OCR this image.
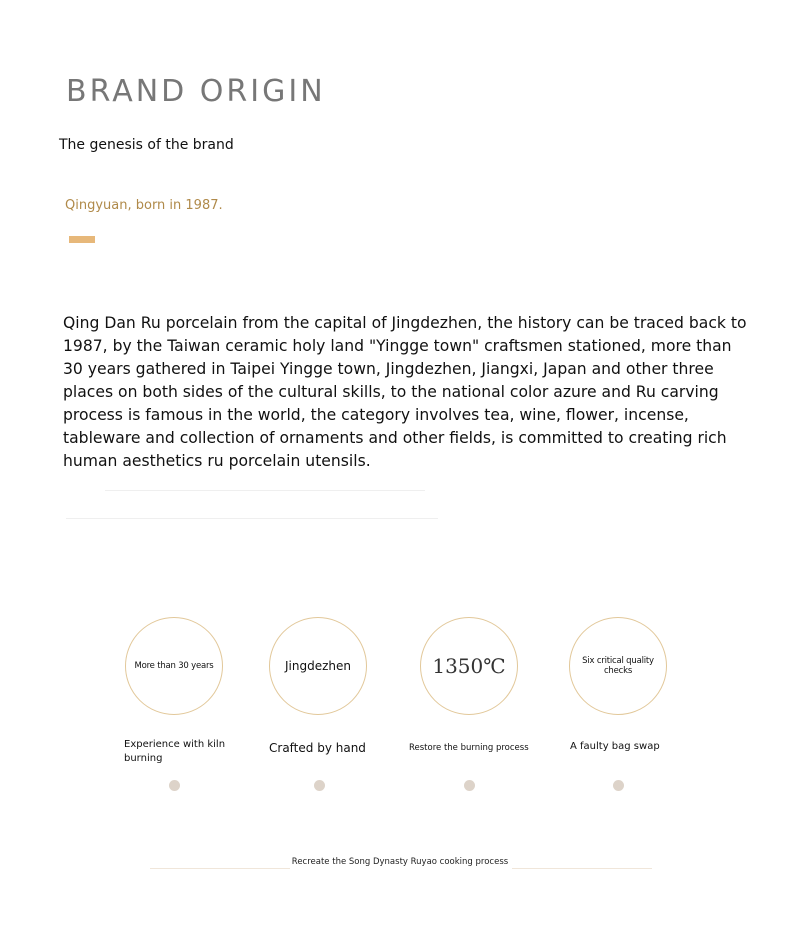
BRAND ORIGIN
The genesis of the brand
Qingyuan, born in 1987.
Qing Dan Ru porcelain from the capital of Jingdezhen, the history can be traced back to 1987, by the Taiwan ceramic holy land "Yingge town" craftsmen stationed, more than 30 years gathered in Taipei Yingge town, Jingdezhen, Jiangxi, Japan and other three places on both sides of the cultural skills, to the national color azure and Ru carving process is famous in the world, the category involves tea, wine, flower, incense, tableware and collection of ornaments and other fields, is committed to creating rich human aesthetics ru porcelain utensils.
More than 30 years
Experience with kiln burning
Jingdezhen
Crafted by hand
1350℃
Restore the burning process
Six critical quality checks
A faulty bag swap
Recreate the Song Dynasty Ruyao cooking process
